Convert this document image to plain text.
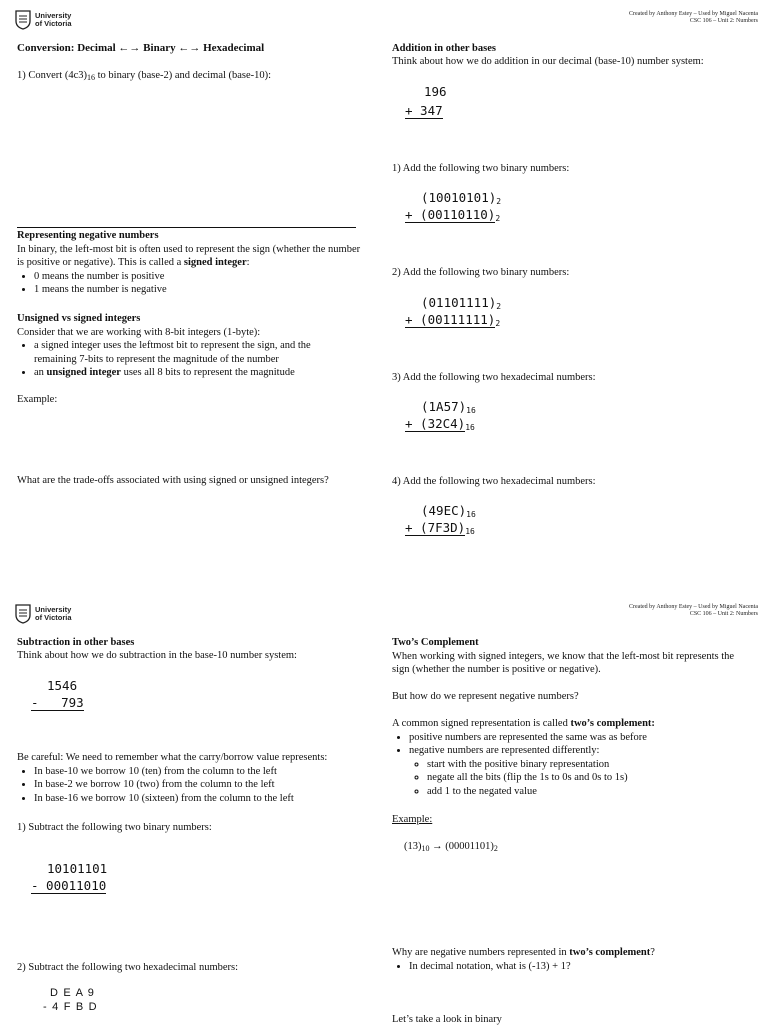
University
of Victoria
Created by Anthony Estey – Used by Miguel Nacenta
CSC 106 – Unit 2: Numbers
Conversion: Decimal ←→ Binary ←→ Hexadecimal
1) Convert $(4c3)_{16}$ to binary (base-2) and decimal (base-10):
Representing negative numbers
In binary, the left-most bit is often used to represent the sign (whether the number is positive or negative). This is called a signed integer:
• 0 means the number is positive
• 1 means the number is negative
Unsigned vs signed integers
Consider that we are working with 8-bit integers (1-byte):
• a signed integer uses the leftmost bit to represent the sign, and the remaining 7-bits to represent the magnitude of the number
• an unsigned integer uses all 8 bits to represent the magnitude
Example:
What are the trade-offs associated with using signed or unsigned integers?
Addition in other bases
Think about how we do addition in our decimal (base-10) number system:
196
+ 347
1) Add the following two binary numbers:
$(10010101)_2$
+ $(00110110)_2$
2) Add the following two binary numbers:
$(01101111)_2$
+ $(00111111)_2$
3) Add the following two hexadecimal numbers:
$(1A57)_{16}$
+ $(32C4)_{16}$
4) Add the following two hexadecimal numbers:
$(49EC)_{16}$
+ $(7F3D)_{16}$
University
of Victoria
Created by Anthony Estey – Used by Miguel Nacenta
CSC 106 – Unit 2: Numbers
Subtraction in other bases
Think about how we do subtraction in the base-10 number system:
1546
-   793
Be careful: We need to remember what the carry/borrow value represents:
• In base-10 we borrow 10 (ten) from the column to the left
• In base-2 we borrow 10 (two) from the column to the left
• In base-16 we borrow 10 (sixteen) from the column to the left
1) Subtract the following two binary numbers:
10101101
- 00011010
2) Subtract the following two hexadecimal numbers:
D E A 9
- 4 F B D
Two’s Complement
When working with signed integers, we know that the left-most bit represents the sign (whether the number is positive or negative).
But how do we represent negative numbers?
A common signed representation is called two’s complement:
• positive numbers are represented the same was as before
• negative numbers are represented differently:
◦ start with the positive binary representation
◦ negate all the bits (flip the 1s to 0s and 0s to 1s)
◦ add 1 to the negated value
Example:
$(13)_{10} \to (00001101)_2$
Why are negative numbers represented in two’s complement?
• In decimal notation, what is (-13) + 1?
Let’s take a look in binary
